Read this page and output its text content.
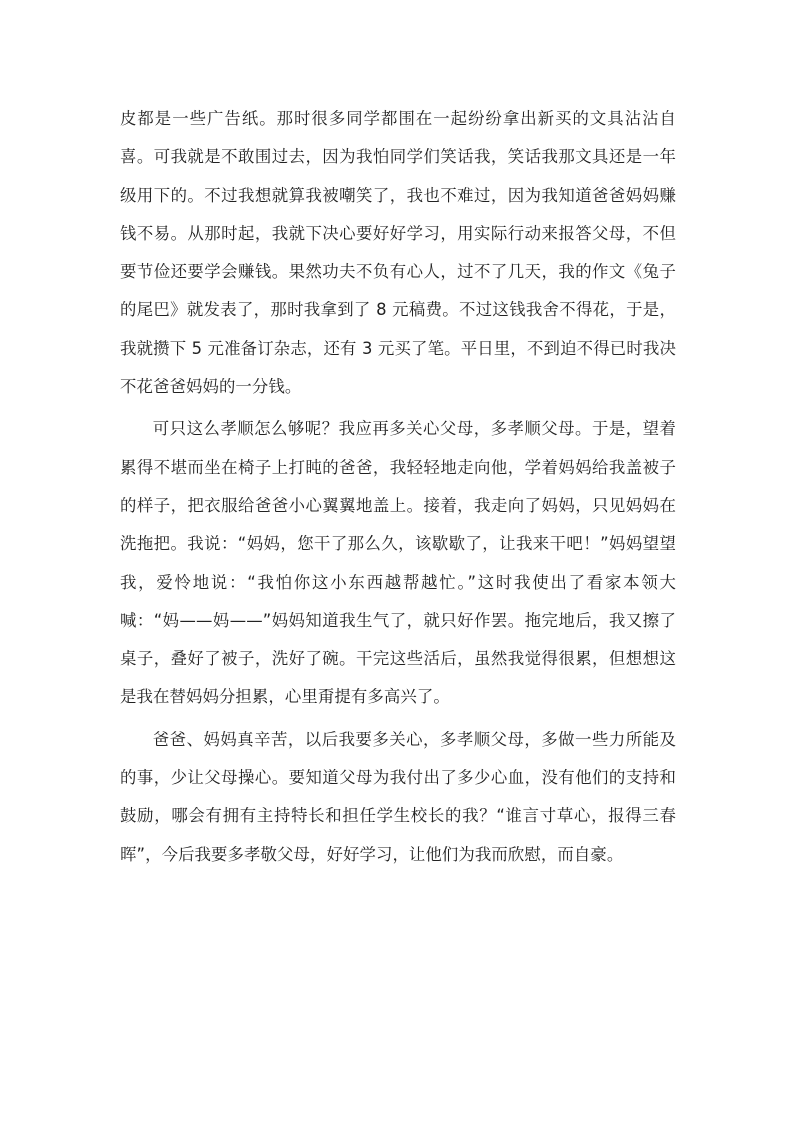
皮都是一些广告纸。那时很多同学都围在一起纷纷拿出新买的文具沾沾自喜。可我就是不敢围过去，因为我怕同学们笑话我，笑话我那文具还是一年级用下的。不过我想就算我被嘲笑了，我也不难过，因为我知道爸爸妈妈赚钱不易。从那时起，我就下决心要好好学习，用实际行动来报答父母，不但要节俭还要学会赚钱。果然功夫不负有心人，过不了几天，我的作文《兔子的尾巴》就发表了，那时我拿到了 8 元稿费。不过这钱我舍不得花，于是，我就攒下 5 元准备订杂志，还有 3 元买了笔。平日里，不到迫不得已时我决不花爸爸妈妈的一分钱。

可只这么孝顺怎么够呢？我应再多关心父母，多孝顺父母。于是，望着累得不堪而坐在椅子上打盹的爸爸，我轻轻地走向他，学着妈妈给我盖被子的样子，把衣服给爸爸小心翼翼地盖上。接着，我走向了妈妈，只见妈妈在洗拖把。我说：“妈妈，您干了那么久，该歇歇了，让我来干吧！”妈妈望望我，爱怜地说：“我怕你这小东西越帮越忙。”这时我使出了看家本领大喊：“妈——妈——”妈妈知道我生气了，就只好作罢。拖完地后，我又擦了桌子，叠好了被子，洗好了碗。干完这些活后，虽然我觉得很累，但想想这是我在替妈妈分担累，心里甭提有多高兴了。

爸爸、妈妈真辛苦，以后我要多关心，多孝顺父母，多做一些力所能及的事，少让父母操心。要知道父母为我付出了多少心血，没有他们的支持和鼓励，哪会有拥有主持特长和担任学生校长的我？“谁言寸草心，报得三春晖”，今后我要多孝敬父母，好好学习，让他们为我而欣慰，而自豪。
